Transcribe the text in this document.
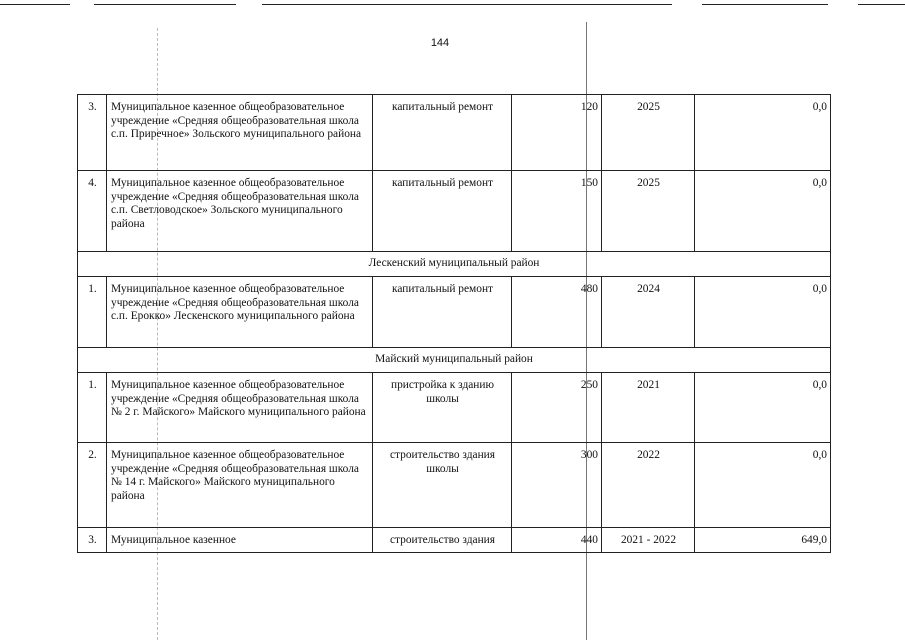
144
3.	Муниципальное казенное общеобразовательное учреждение «Средняя общеобразовательная школа с.п. Приречное» Зольского муниципального района	капитальный ремонт	120	2025	0,0
4.	Муниципальное казенное общеобразовательное учреждение «Средняя общеобразовательная школа с.п. Светловодское» Зольского муниципального района	капитальный ремонт	150	2025	0,0
Лескенский муниципальный район					
1.	Муниципальное казенное общеобразовательное учреждение «Средняя общеобразовательная школа с.п. Ерокко» Лескенского муниципального района	капитальный ремонт	480	2024	0,0
Майский муниципальный район					
1.	Муниципальное казенное общеобразовательное учреждение «Средняя общеобразовательная школа № 2 г. Майского» Майского муниципального района	пристройка к зданию школы	250	2021	0,0
2.	Муниципальное казенное общеобразовательное учреждение «Средняя общеобразовательная школа № 14 г. Майского» Майского муниципального района	строительство здания школы	300	2022	0,0
3.	Муниципальное казенное	строительство здания	440	2021 - 2022	649,0
